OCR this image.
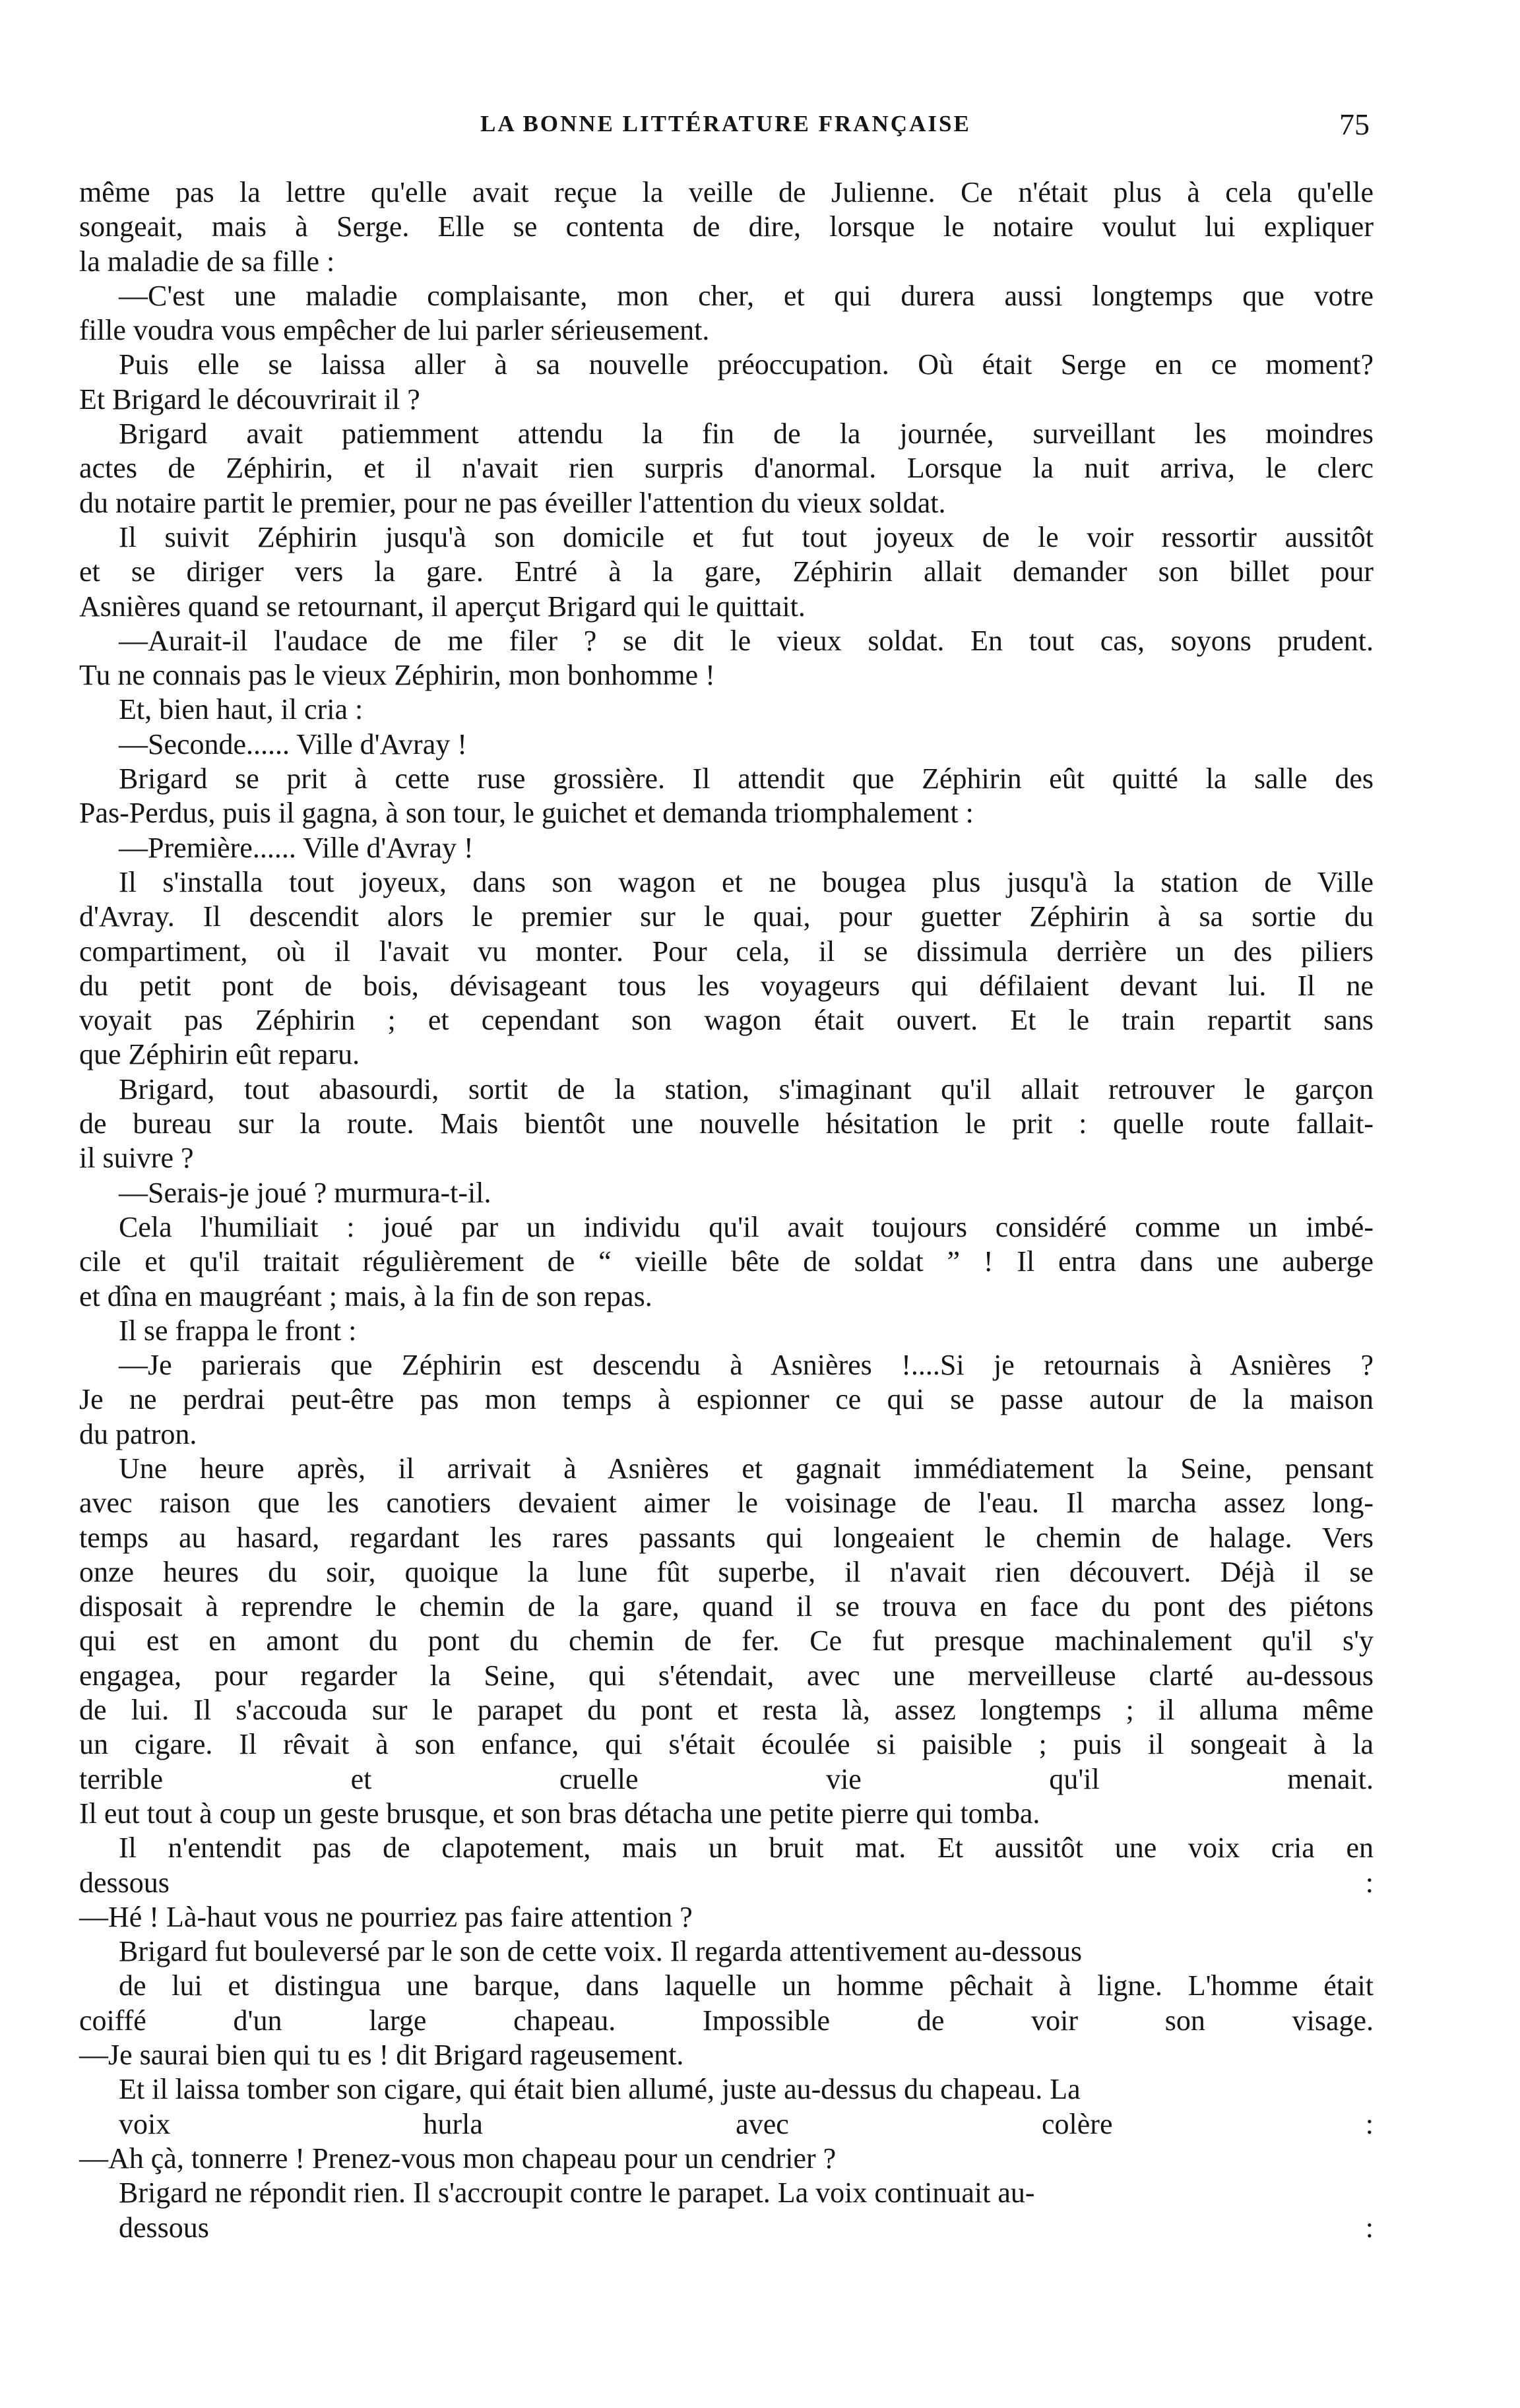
LA BONNE LITTÉRATURE FRANÇAISE	75
même pas la lettre qu'elle avait reçue la veille de Julienne. Ce n'était plus à cela qu'elle
songeait, mais à Serge. Elle se contenta de dire, lorsque le notaire voulut lui expliquer
la maladie de sa fille :
—C'est une maladie complaisante, mon cher, et qui durera aussi longtemps que votre
fille voudra vous empêcher de lui parler sérieusement.
Puis elle se laissa aller à sa nouvelle préoccupation. Où était Serge en ce moment?
Et Brigard le découvrirait il ?
Brigard avait patiemment attendu la fin de la journée, surveillant les moindres
actes de Zéphirin, et il n'avait rien surpris d'anormal. Lorsque la nuit arriva, le clerc
du notaire partit le premier, pour ne pas éveiller l'attention du vieux soldat.
Il suivit Zéphirin jusqu'à son domicile et fut tout joyeux de le voir ressortir aussitôt
et se diriger vers la gare. Entré à la gare, Zéphirin allait demander son billet pour
Asnières quand se retournant, il aperçut Brigard qui le quittait.
—Aurait-il l'audace de me filer ? se dit le vieux soldat. En tout cas, soyons prudent.
Tu ne connais pas le vieux Zéphirin, mon bonhomme !
Et, bien haut, il cria :
—Seconde...... Ville d'Avray !
Brigard se prit à cette ruse grossière. Il attendit que Zéphirin eût quitté la salle des
Pas-Perdus, puis il gagna, à son tour, le guichet et demanda triomphalement :
—Première...... Ville d'Avray !
Il s'installa tout joyeux, dans son wagon et ne bougea plus jusqu'à la station de Ville
d'Avray. Il descendit alors le premier sur le quai, pour guetter Zéphirin à sa sortie du
compartiment, où il l'avait vu monter. Pour cela, il se dissimula derrière un des piliers
du petit pont de bois, dévisageant tous les voyageurs qui défilaient devant lui. Il ne
voyait pas Zéphirin ; et cependant son wagon était ouvert. Et le train repartit sans
que Zéphirin eût reparu.
Brigard, tout abasourdi, sortit de la station, s'imaginant qu'il allait retrouver le garçon
de bureau sur la route. Mais bientôt une nouvelle hésitation le prit : quelle route fallait-
il suivre ?
—Serais-je joué ? murmura-t-il.
Cela l'humiliait : joué par un individu qu'il avait toujours considéré comme un imbé-
cile et qu'il traitait régulièrement de “ vieille bête de soldat ” ! Il entra dans une auberge
et dîna en maugréant ; mais, à la fin de son repas.
Il se frappa le front :
—Je parierais que Zéphirin est descendu à Asnières !....Si je retournais à Asnières ?
Je ne perdrai peut-être pas mon temps à espionner ce qui se passe autour de la maison
du patron.
Une heure après, il arrivait à Asnières et gagnait immédiatement la Seine, pensant
avec raison que les canotiers devaient aimer le voisinage de l'eau. Il marcha assez long-
temps au hasard, regardant les rares passants qui longeaient le chemin de halage. Vers
onze heures du soir, quoique la lune fût superbe, il n'avait rien découvert. Déjà il se
disposait à reprendre le chemin de la gare, quand il se trouva en face du pont des piétons
qui est en amont du pont du chemin de fer. Ce fut presque machinalement qu'il s'y
engagea, pour regarder la Seine, qui s'étendait, avec une merveilleuse clarté au-dessous
de lui. Il s'accouda sur le parapet du pont et resta là, assez longtemps ; il alluma même
un cigare. Il rêvait à son enfance, qui s'était écoulée si paisible ; puis il songeait à la
terrible et cruelle vie qu'il menait.
Il eut tout à coup un geste brusque, et son bras détacha une petite pierre qui tomba.
Il n'entendit pas de clapotement, mais un bruit mat. Et aussitôt une voix cria en
dessous :
—Hé ! Là-haut vous ne pourriez pas faire attention ?
Brigard fut bouleversé par le son de cette voix. Il regarda attentivement au-dessous
de lui et distingua une barque, dans laquelle un homme pêchait à ligne. L'homme était
coiffé d'un large chapeau. Impossible de voir son visage.
—Je saurai bien qui tu es ! dit Brigard rageusement.
Et il laissa tomber son cigare, qui était bien allumé, juste au-dessus du chapeau. La
voix hurla avec colère :
—Ah çà, tonnerre ! Prenez-vous mon chapeau pour un cendrier ?
Brigard ne répondit rien. Il s'accroupit contre le parapet. La voix continuait au-
dessous :
